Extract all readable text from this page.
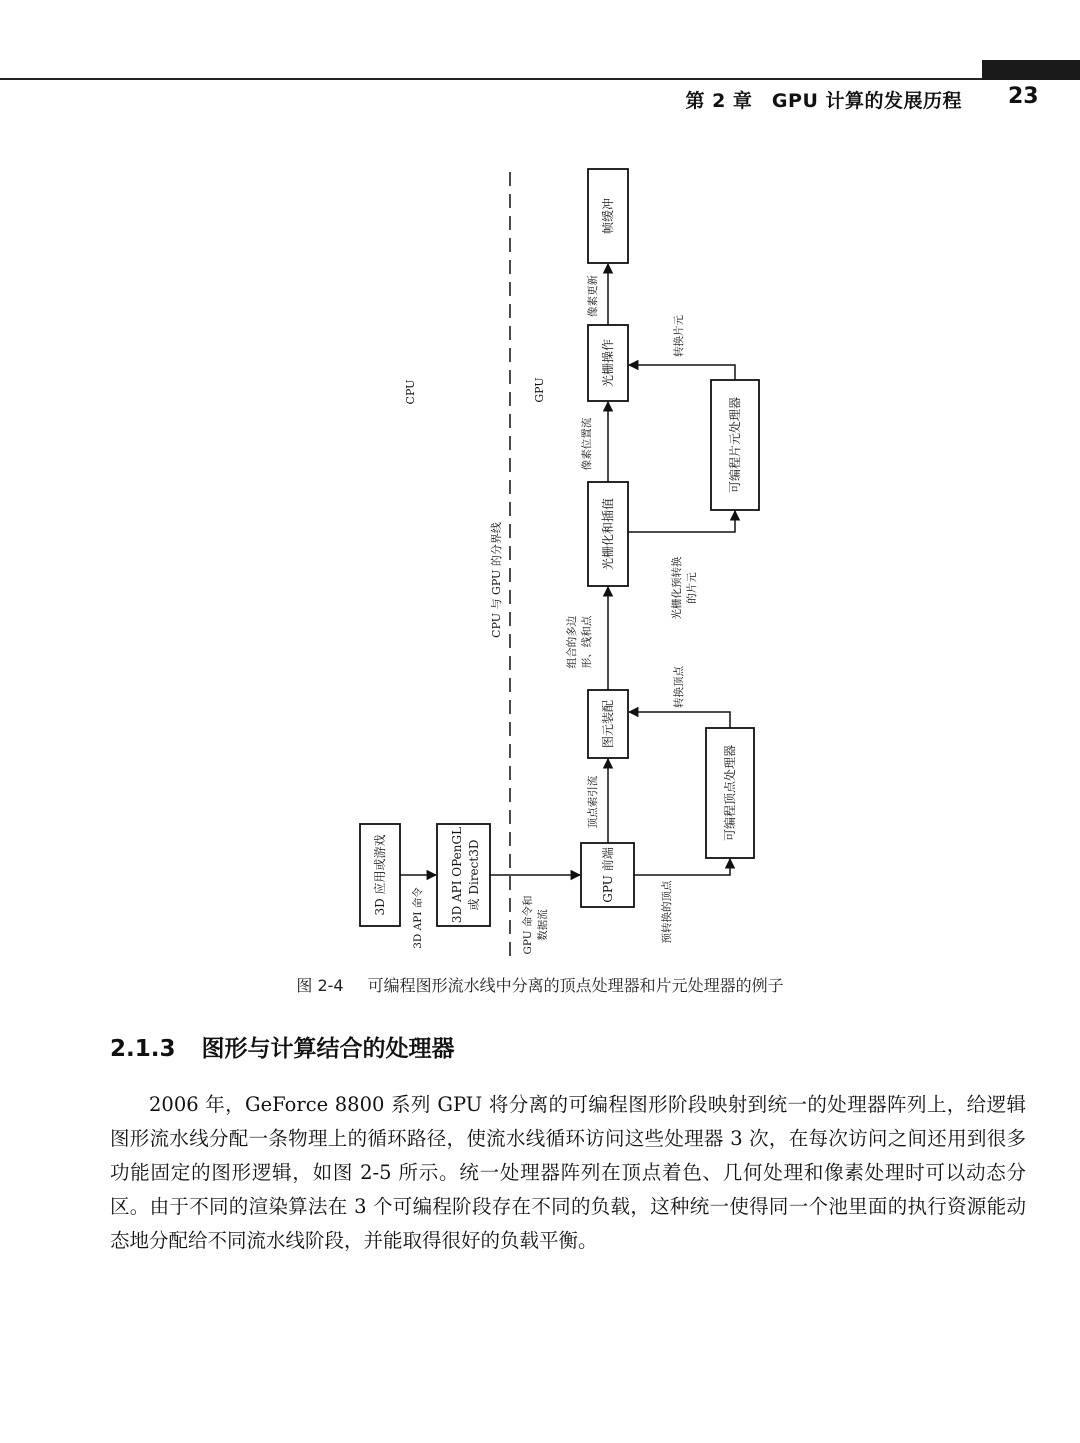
第 2 章　GPU 计算的发展历程 23
CPU 与 GPU 的分界线
CPU	GPU
3D 应用或游戏	3D API OPenGL 或 Direct3D	GPU 前端
图元装配
光栅化和插值
光栅操作
帧缓冲
可编程顶点处理器
可编程片元处理器
3D API 命令	GPU 命令和 数据流
顶点索引流
预转换的顶点
转换顶点
组合的多边 形、线和点
光栅化预转换 的片元
像素位置流
转换片元
像素更新
图 2-4 可编程图形流水线中分离的顶点处理器和片元处理器的例子
2.1.3 图形与计算结合的处理器
2006 年，GeForce 8800 系列 GPU 将分离的可编程图形阶段映射到统一的处理器阵列上，给逻辑图形流水线分配一条物理上的循环路径，使流水线循环访问这些处理器 3 次，在每次访问之间还用到很多功能固定的图形逻辑，如图 2-5 所示。统一处理器阵列在顶点着色、几何处理和像素处理时可以动态分区。由于不同的渲染算法在 3 个可编程阶段存在不同的负载，这种统一使得同一个池里面的执行资源能动态地分配给不同流水线阶段，并能取得很好的负载平衡。
